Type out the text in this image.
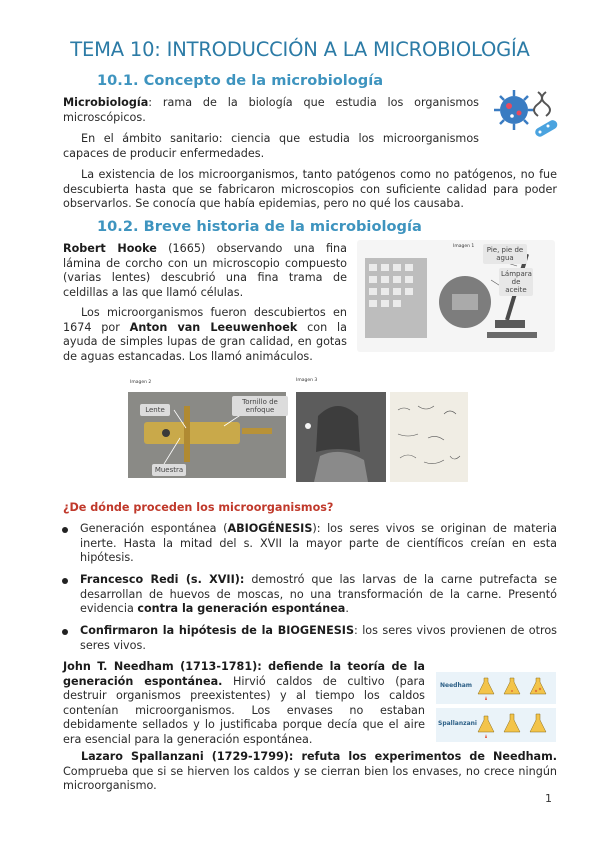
TEMA 10: INTRODUCCIÓN A LA MICROBIOLOGÍA
10.1. Concepto de la microbiología

Microbiología: rama de la biología que estudia los organismos microscópicos.

En el ámbito sanitario: ciencia que estudia los microorganismos capaces de producir enfermedades.

La existencia de los microorganismos, tanto patógenos como no patógenos, no fue descubierta hasta que se fabricaron microscopios con suficiente calidad para poder observarlos. Se conocía que había epidemias, pero no qué los causaba.

10.2. Breve historia de la microbiología

Robert Hooke (1665) observando una fina lámina de corcho con un microscopio compuesto (varias lentes) descubrió una fina trama de celdillas a las que llamó células.

Los microorganismos fueron descubiertos en 1674 por Anton van Leeuwenhoek con la ayuda de simples lupas de gran calidad, en gotas de aguas estancadas. Los llamó animáculos.

Imagen 1	Pie, pie de agua
Lámpara de aceite
Imagen 2
Lente
Tornillo de enfoque
Muestra
Imagen 3

¿De dónde proceden los microorganismos?

Generación espontánea (ABIOGÉNESIS): los seres vivos se originan de materia inerte. Hasta la mitad del s. XVII la mayor parte de científicos creían en esta hipótesis.

Francesco Redi (s. XVII): demostró que las larvas de la carne putrefacta se desarrollan de huevos de moscas, no una transformación de la carne. Presentó evidencia contra la generación espontánea.

Confirmaron la hipótesis de la BIOGENESIS: los seres vivos provienen de otros seres vivos.

John T. Needham (1713-1781): defiende la teoría de la generación espontánea. Hirvió caldos de cultivo (para destruir organismos preexistentes) y al tiempo los caldos contenían microorganismos. Los envases no estaban debidamente sellados y lo justificaba porque decía que el aire era esencial para la generación espontánea.

Needham
Spallanzani

Lazaro Spallanzani (1729-1799): refuta los experimentos de Needham. Comprueba que si se hierven los caldos y se cierran bien los envases, no crece ningún microorganismo.

1
